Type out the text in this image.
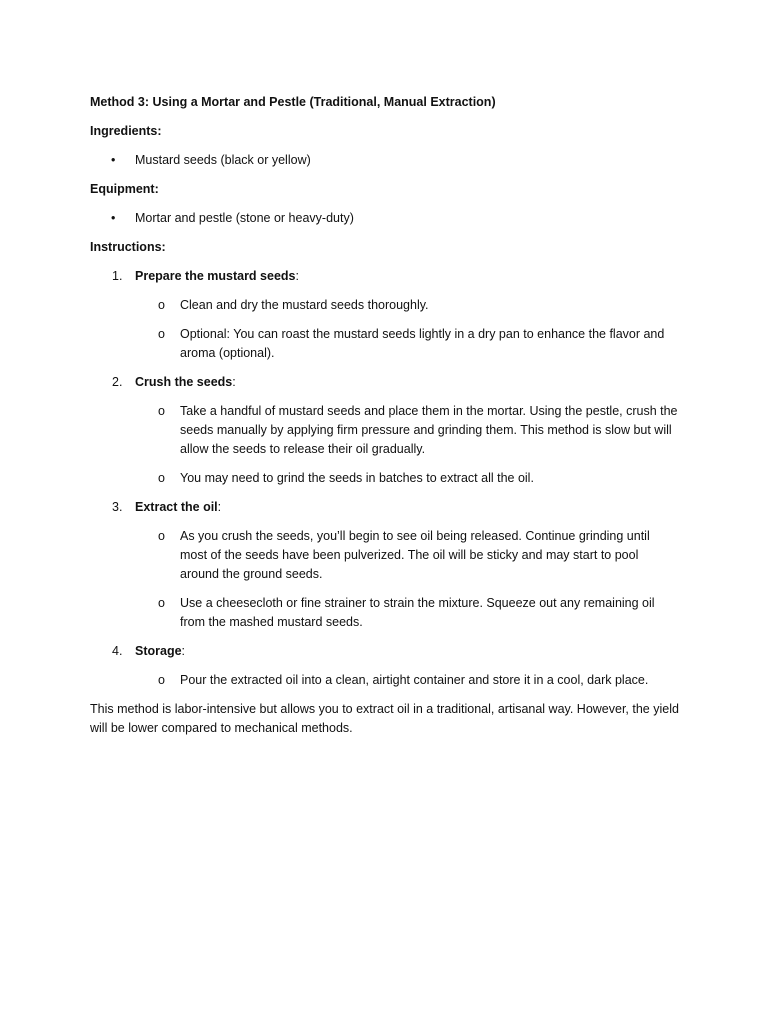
Method 3: Using a Mortar and Pestle (Traditional, Manual Extraction)

Ingredients:

• Mustard seeds (black or yellow)

Equipment:

• Mortar and pestle (stone or heavy-duty)

Instructions:

1. Prepare the mustard seeds:
o Clean and dry the mustard seeds thoroughly.
o Optional: You can roast the mustard seeds lightly in a dry pan to enhance the flavor and aroma (optional).
2. Crush the seeds:
o Take a handful of mustard seeds and place them in the mortar. Using the pestle, crush the seeds manually by applying firm pressure and grinding them. This method is slow but will allow the seeds to release their oil gradually.
o You may need to grind the seeds in batches to extract all the oil.
3. Extract the oil:
o As you crush the seeds, you’ll begin to see oil being released. Continue grinding until most of the seeds have been pulverized. The oil will be sticky and may start to pool around the ground seeds.
o Use a cheesecloth or fine strainer to strain the mixture. Squeeze out any remaining oil from the mashed mustard seeds.
4. Storage:
o Pour the extracted oil into a clean, airtight container and store it in a cool, dark place.

This method is labor-intensive but allows you to extract oil in a traditional, artisanal way. However, the yield will be lower compared to mechanical methods.
